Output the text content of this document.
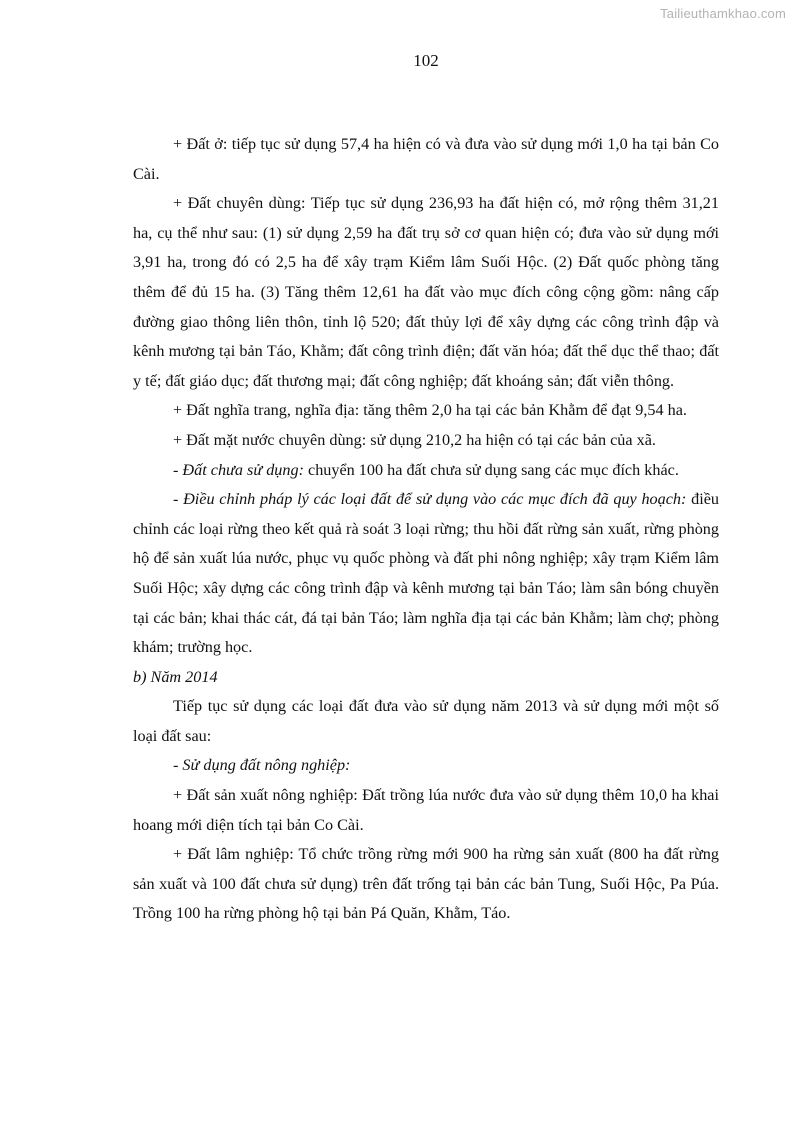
Tailieuthamkhao.com
102

+ Đất ở: tiếp tục sử dụng 57,4 ha hiện có và đưa vào sử dụng mới 1,0 ha tại bản Co Cài.

+ Đất chuyên dùng: Tiếp tục sử dụng 236,93 ha đất hiện có, mở rộng thêm 31,21 ha, cụ thể như sau: (1) sử dụng 2,59 ha đất trụ sở cơ quan hiện có; đưa vào sử dụng mới 3,91 ha, trong đó có 2,5 ha để xây trạm Kiểm lâm Suối Hộc. (2) Đất quốc phòng tăng thêm để đủ 15 ha. (3) Tăng thêm 12,61 ha đất vào mục đích công cộng gồm: nâng cấp đường giao thông liên thôn, tỉnh lộ 520; đất thủy lợi để xây dựng các công trình đập và kênh mương tại bản Táo, Khằm; đất công trình điện; đất văn hóa; đất thể dục thể thao; đất y tế; đất giáo dục; đất thương mại; đất công nghiệp; đất khoáng sản; đất viễn thông.

+ Đất nghĩa trang, nghĩa địa: tăng thêm 2,0 ha tại các bản Khằm để đạt 9,54 ha.

+ Đất mặt nước chuyên dùng: sử dụng 210,2 ha hiện có tại các bản của xã.

- Đất chưa sử dụng: chuyển 100 ha đất chưa sử dụng sang các mục đích khác.

- Điều chỉnh pháp lý các loại đất để sử dụng vào các mục đích đã quy hoạch: điều chỉnh các loại rừng theo kết quả rà soát 3 loại rừng; thu hồi đất rừng sản xuất, rừng phòng hộ để sản xuất lúa nước, phục vụ quốc phòng và đất phi nông nghiệp; xây trạm Kiểm lâm Suối Hộc; xây dựng các công trình đập và kênh mương tại bản Táo; làm sân bóng chuyền tại các bản; khai thác cát, đá tại bản Táo; làm nghĩa địa tại các bản Khằm; làm chợ; phòng khám; trường học.

b) Năm 2014

Tiếp tục sử dụng các loại đất đưa vào sử dụng năm 2013 và sử dụng mới một số loại đất sau:

- Sử dụng đất nông nghiệp:

+ Đất sản xuất nông nghiệp: Đất trồng lúa nước đưa vào sử dụng thêm 10,0 ha khai hoang mới diện tích tại bản Co Cài.

+ Đất lâm nghiệp: Tổ chức trồng rừng mới 900 ha rừng sản xuất (800 ha đất rừng sản xuất và 100 đất chưa sử dụng) trên đất trống tại bản các bản Tung, Suối Hộc, Pa Púa. Trồng 100 ha rừng phòng hộ tại bản Pá Quăn, Khằm, Táo.
